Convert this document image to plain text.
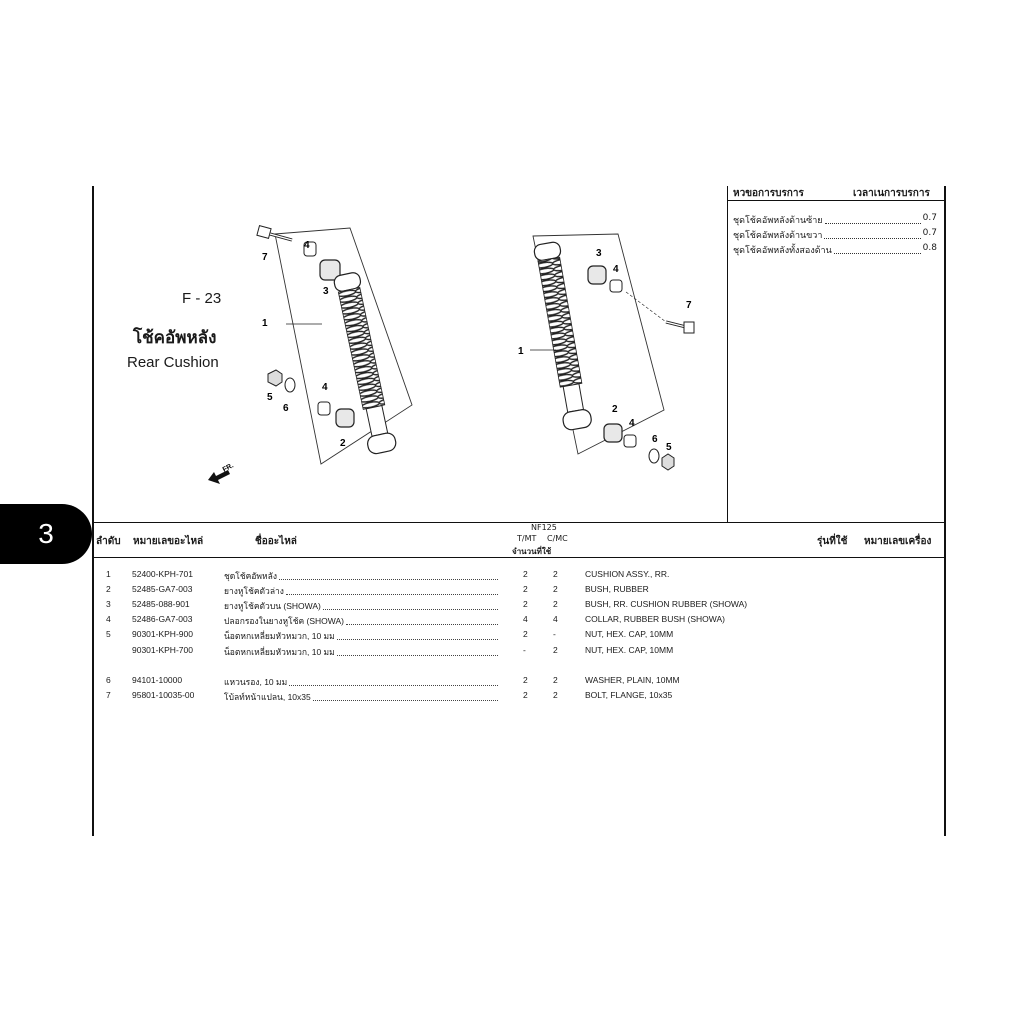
3
F - 23
โช้คอัพหลัง
Rear Cushion
หวขอการบรการ	เวลาเนการบรการ
ชุดโช้คอัพหลังด้านซ้าย	0.7
ชุดโช้คอัพหลังด้านขวา	0.7
ชุดโช้คอัพหลังทั้งสองด้าน	0.8
7
4
3
1
5
6
4
2
FR.
3
4
7
1
2
4
6
5
ลำดับ หมายเลขอะไหล่	ชื่ออะไหล่
NF125
T/MT C/MC
จำนวนที่ใช้
รุ่นที่ใช้ หมายเลขเครื่อง
1	52400-KPH-701	ชุดโช้คอัพหลัง	2	2	CUSHION ASSY., RR.
2	52485-GA7-003	ยางหูโช้คตัวล่าง	2	2	BUSH, RUBBER
3	52485-088-901	ยางหูโช้คตัวบน (SHOWA)	2	2	BUSH, RR. CUSHION RUBBER (SHOWA)
4	52486-GA7-003	ปลอกรองในยางหูโช้ค (SHOWA)	4	4	COLLAR, RUBBER BUSH (SHOWA)
5	90301-KPH-900	น็อตหกเหลี่ยมหัวหมวก, 10 มม	2	-	NUT, HEX. CAP, 10MM
90301-KPH-700	น็อตหกเหลี่ยมหัวหมวก, 10 มม	-	2	NUT, HEX. CAP, 10MM
6	94101-10000	แหวนรอง, 10 มม	2	2	WASHER, PLAIN, 10MM
7	95801-10035-00	โบ้ลท์หน้าแปลน, 10x35	2	2	BOLT, FLANGE, 10x35
